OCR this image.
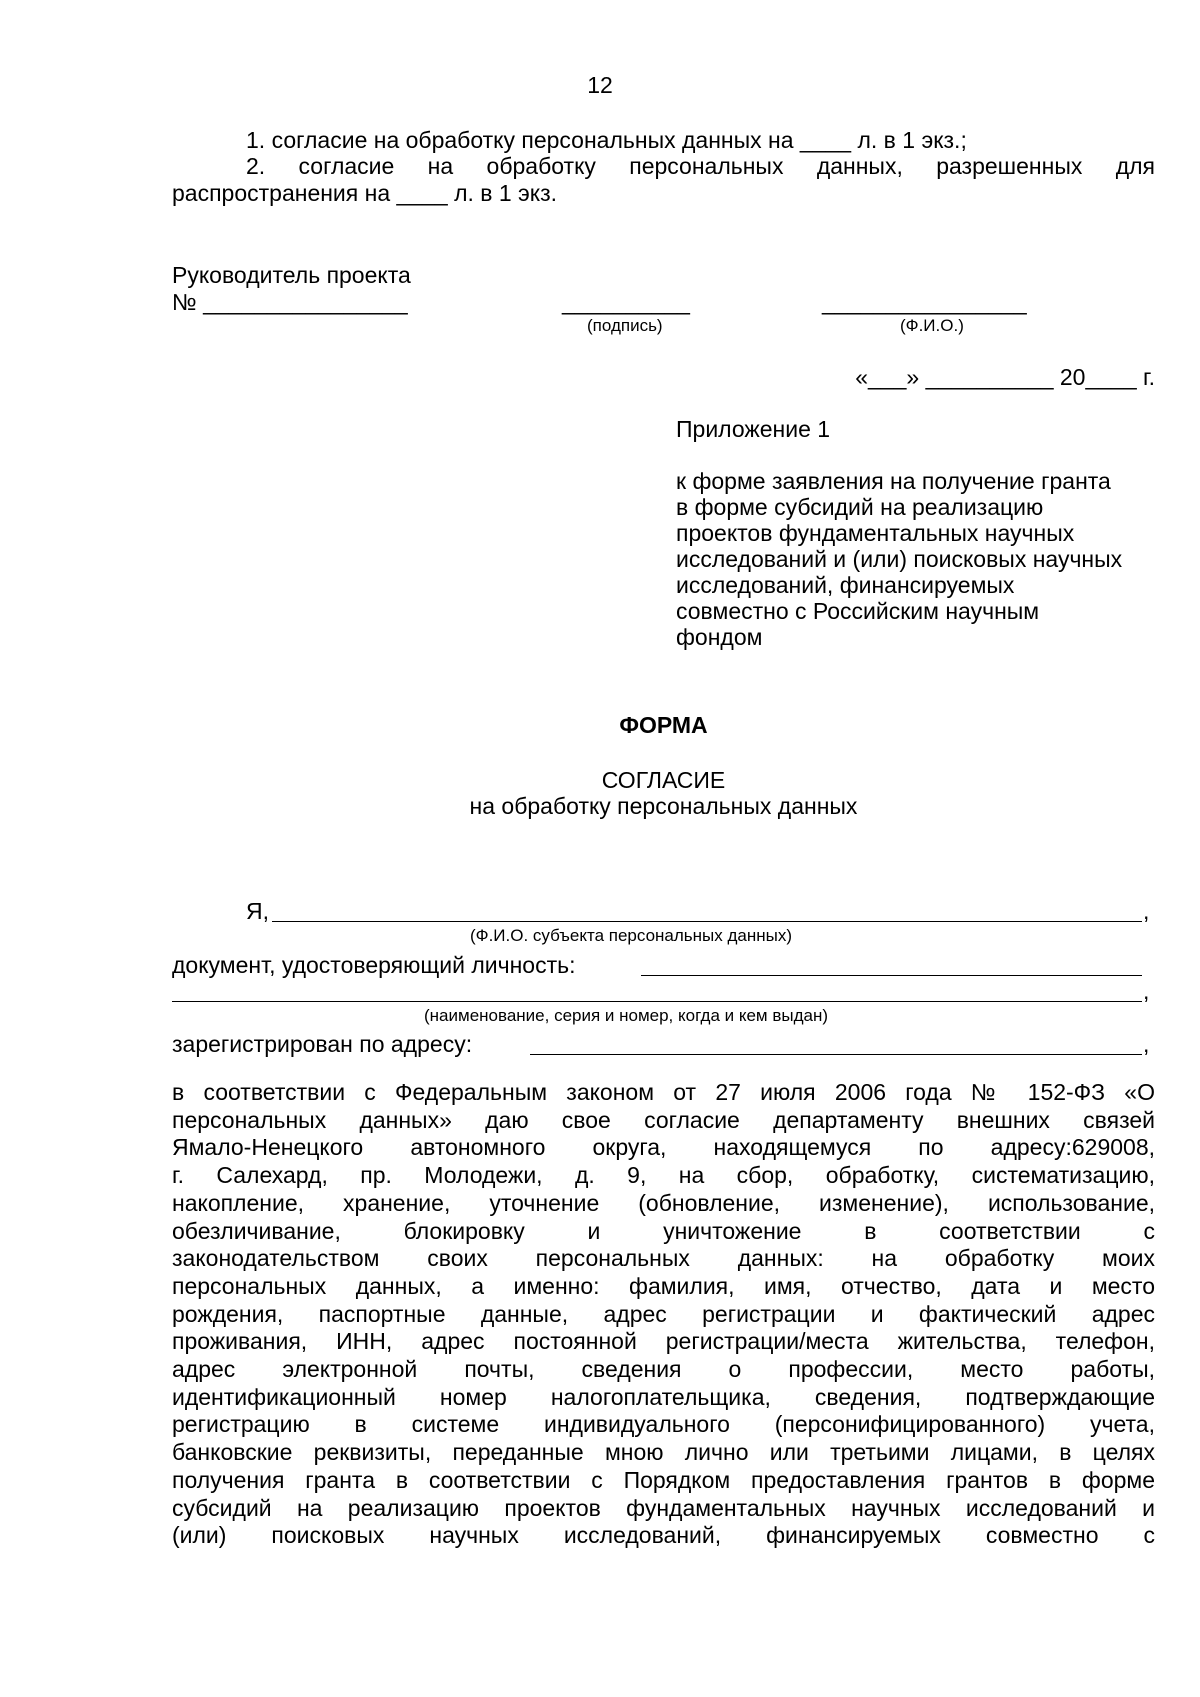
12
1. согласие на обработку персональных данных на ____ л. в 1 экз.;
2. согласие на обработку персональных данных, разрешенных для
распространения на ____ л. в 1 экз.
Руководитель проекта
№ ________________	__________
(подпись)
________________
(Ф.И.О.)
«___» __________ 20____ г.
Приложение 1
к форме заявления на получение гранта
в форме субсидий на реализацию
проектов фундаментальных научных
исследований и (или) поисковых научных
исследований, финансируемых
совместно с Российским научным
фондом
ФОРМА
СОГЛАСИЕ
на обработку персональных данных
Я,	,
(Ф.И.О. субъекта персональных данных)
документ, удостоверяющий личность:
,
(наименование, серия и номер, когда и кем выдан)
зарегистрирован по адресу:	,
в соответствии с Федеральным законом от 27 июля 2006 года № 152-ФЗ «О
персональных данных» даю свое согласие департаменту внешних связей
Ямало-Ненецкого автономного округа, находящемуся по адресу:629008,
г. Салехард, пр. Молодежи, д. 9, на сбор, обработку, систематизацию,
накопление, хранение, уточнение (обновление, изменение), использование,
обезличивание, блокировку и уничтожение в соответствии с
законодательством своих персональных данных: на обработку моих
персональных данных, а именно: фамилия, имя, отчество, дата и место
рождения, паспортные данные, адрес регистрации и фактический адрес
проживания, ИНН, адрес постоянной регистрации/места жительства, телефон,
адрес электронной почты, сведения о профессии, место работы,
идентификационный номер налогоплательщика, сведения, подтверждающие
регистрацию в системе индивидуального (персонифицированного) учета,
банковские реквизиты, переданные мною лично или третьими лицами, в целях
получения гранта в соответствии с Порядком предоставления грантов в форме
субсидий на реализацию проектов фундаментальных научных исследований и
(или) поисковых научных исследований, финансируемых совместно с
